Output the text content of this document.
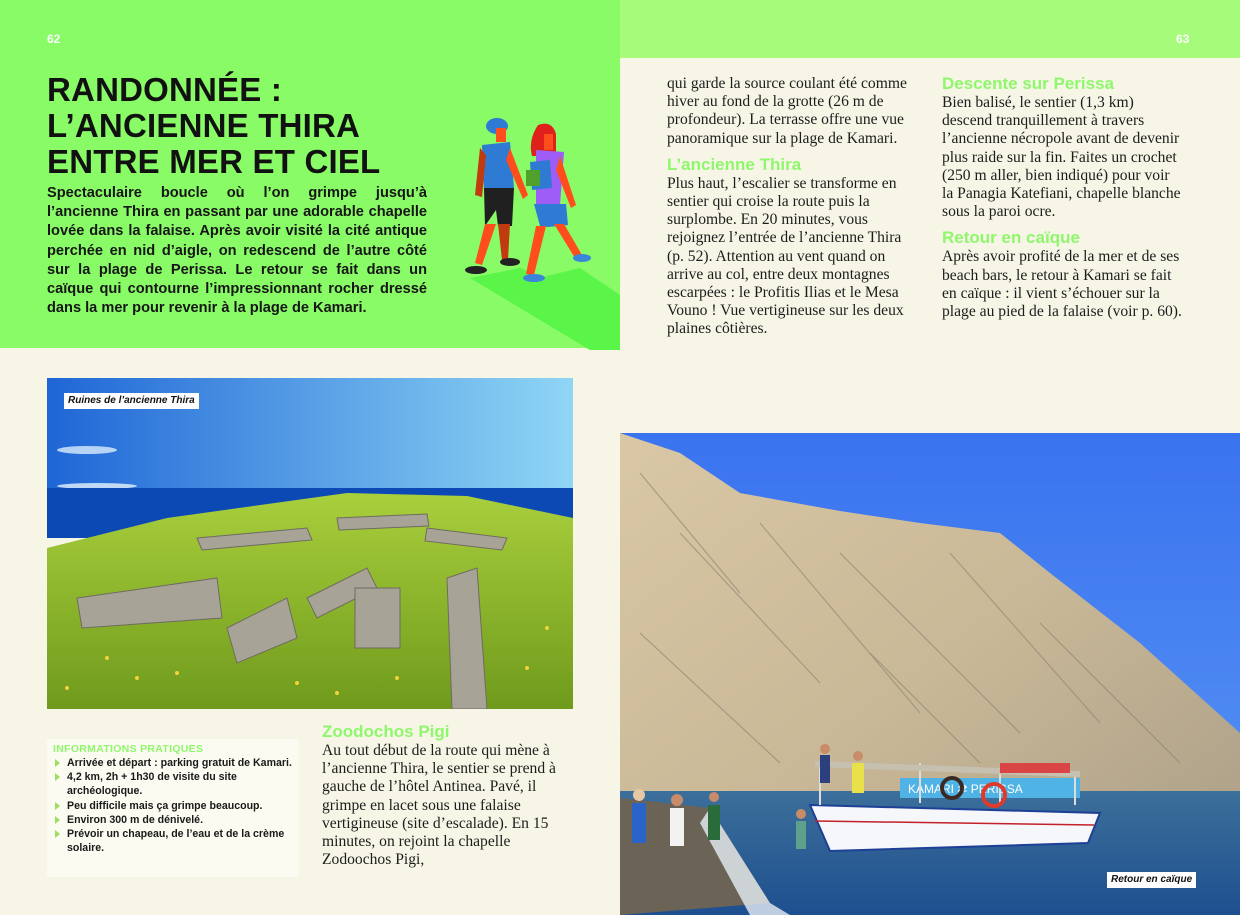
62
RANDONNÉE :
L’ANCIENNE THIRA
ENTRE MER ET CIEL

Spectaculaire boucle où l’on grimpe jusqu’à l’ancienne Thira en passant par une adorable chapelle lovée dans la falaise. Après avoir visité la cité antique perchée en nid d’aigle, on redescend de l’autre côté sur la plage de Perissa. Le retour se fait dans un caïque qui contourne l’impressionnant rocher dressé dans la mer pour revenir à la plage de Kamari.

Ruines de l’ancienne Thira
INFORMATIONS PRATIQUES
Arrivée et départ : parking gratuit de Kamari.
4,2 km, 2h + 1h30 de visite du site archéologique.
Peu difficile mais ça grimpe beaucoup.
Environ 300 m de dénivelé.
Prévoir un chapeau, de l’eau et de la crème solaire.
Zoodochos Pigi

Au tout début de la route qui mène à l’ancienne Thira, le sentier se prend à gauche de l’hôtel Antinea. Pavé, il grimpe en lacet sous une falaise vertigineuse (site d’escalade). En 15 minutes, on rejoint la chapelle Zodoochos Pigi,

63

qui garde la source coulant été comme hiver au fond de la grotte (26 m de profondeur). La terrasse offre une vue panoramique sur la plage de Kamari.

L’ancienne Thira

Plus haut, l’escalier se transforme en sentier qui croise la route puis la surplombe. En 20 minutes, vous rejoignez l’entrée de l’ancienne Thira (p. 52). Attention au vent quand on arrive au col, entre deux montagnes escarpées : le Profitis Ilias et le Mesa Vouno ! Vue vertigineuse sur les deux plaines côtières.

Descente sur Perissa

Bien balisé, le sentier (1,3 km) descend tranquillement à travers l’ancienne nécropole avant de devenir plus raide sur la fin. Faites un crochet (250 m aller, bien indiqué) pour voir la Panagia Katefiani, chapelle blanche sous la paroi ocre.

Retour en caïque

Après avoir profité de la mer et de ses beach bars, le retour à Kamari se fait en caïque : il vient s’échouer sur la plage au pied de la falaise (voir p. 60).

KAMARI ⇄ PERISSA
Retour en caïque
